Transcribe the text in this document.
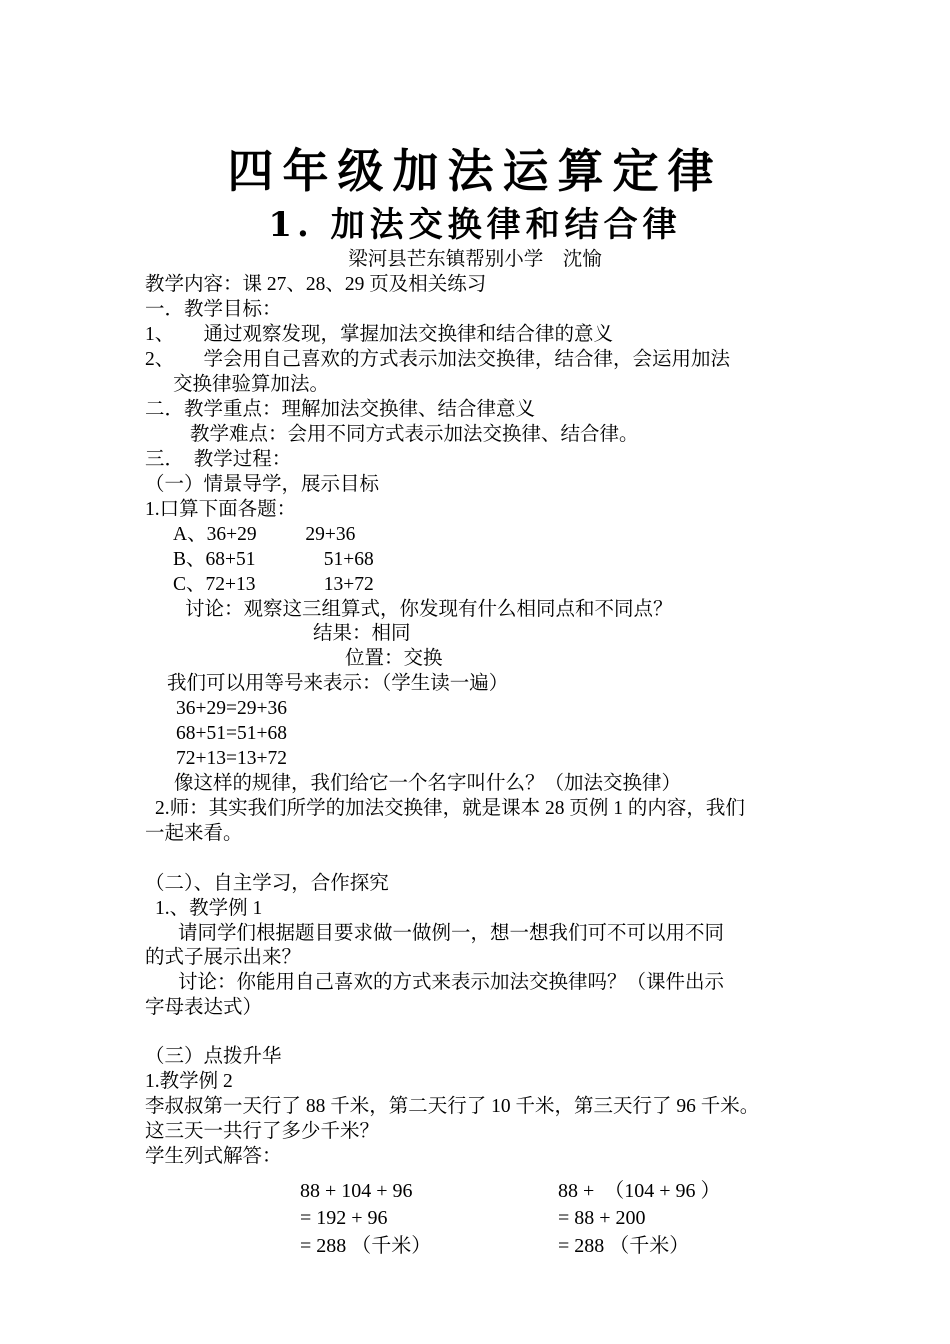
四年级加法运算定律
1. 加法交换律和结合律
梁河县芒东镇帮别小学    沈愉
教学内容：课 27、28、29 页及相关练习
一．教学目标：
1、      通过观察发现，掌握加法交换律和结合律的意义
2、      学会用自己喜欢的方式表示加法交换律，结合律，会运用加法
交换律验算加法。
二．教学重点：理解加法交换律、结合律意义
教学难点：会用不同方式表示加法交换律、结合律。
三．  教学过程：
（一）情景导学，展示目标
1.口算下面各题：
A、36+29          29+36
B、68+51              51+68
C、72+13              13+72
讨论：观察这三组算式，你发现有什么相同点和不同点？
结果：相同
位置：交换
我们可以用等号来表示：（学生读一遍）
36+29=29+36
68+51=51+68
72+13=13+72
像这样的规律，我们给它一个名字叫什么？（加法交换律）
2.师：其实我们所学的加法交换律，就是课本 28 页例 1 的内容，我们
一起来看。
（二）、自主学习，合作探究
1.、教学例 1
请同学们根据题目要求做一做例一，想一想我们可不可以用不同
的式子展示出来？
讨论：你能用自己喜欢的方式来表示加法交换律吗？（课件出示
字母表达式）
（三）点拨升华
1.教学例 2
李叔叔第一天行了 88 千米，第二天行了 10 千米，第三天行了 96 千米。
这三天一共行了多少千米？
学生列式解答：
88 + 104 + 96
= 192 + 96
= 288 （千米）
88 +  （104 + 96 ）
= 88 + 200
= 288 （千米）
